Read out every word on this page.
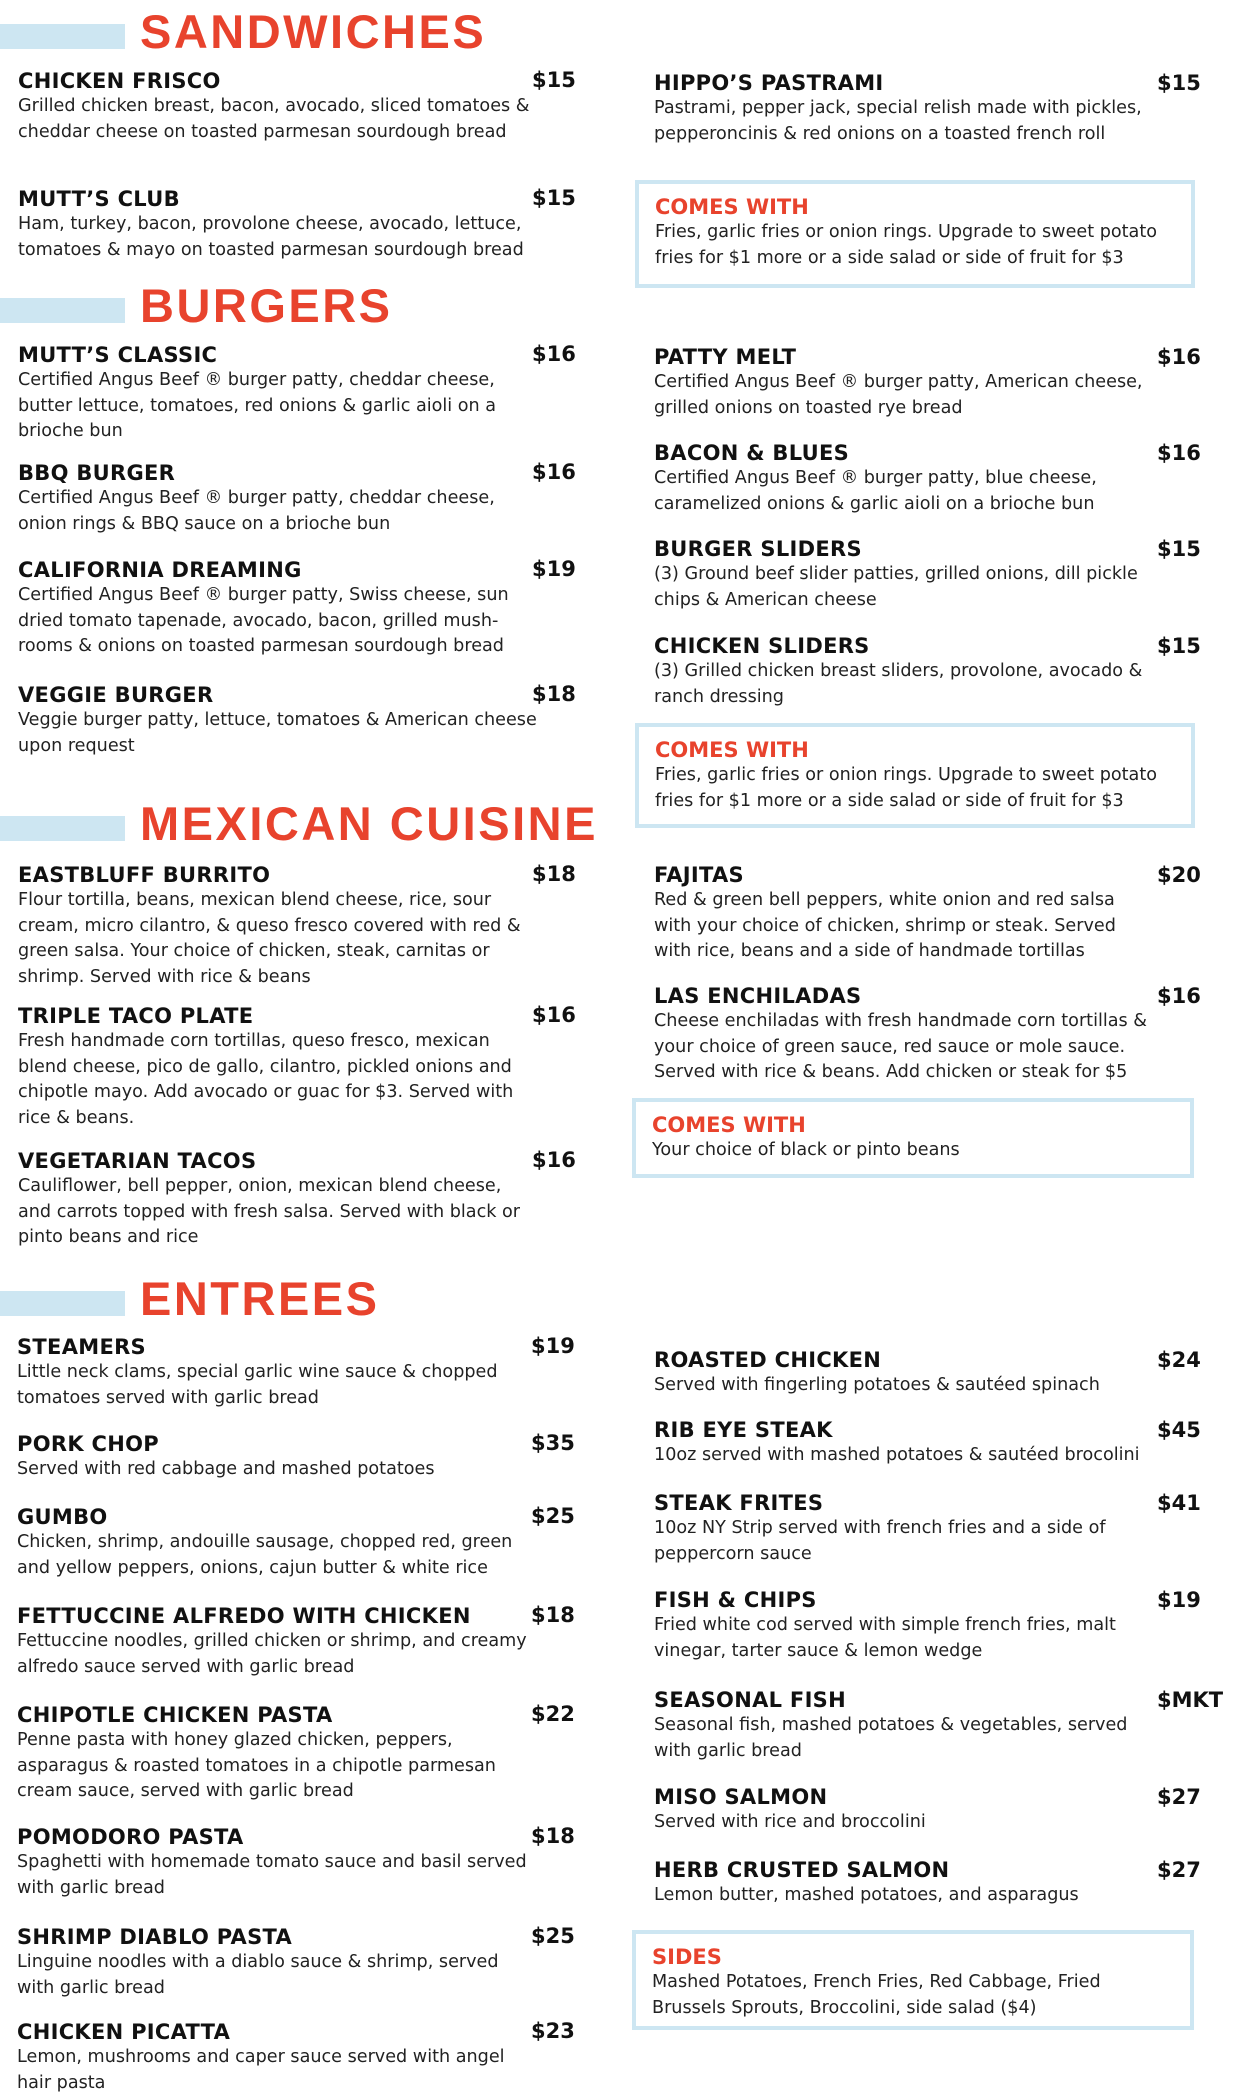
SANDWICHES
CHICKEN FRISCO
Grilled chicken breast, bacon, avocado, sliced tomatoes & cheddar cheese on toasted parmesan sourdough bread
$15
MUTT’S CLUB
Ham, turkey, bacon, provolone cheese, avocado, lettuce, tomatoes & mayo on toasted parmesan sourdough bread
$15
HIPPO’S PASTRAMI
Pastrami, pepper jack, special relish made with pickles, pepperoncinis & red onions on a toasted french roll
$15
COMES WITH
Fries, garlic fries or onion rings. Upgrade to sweet potato fries for $1 more or a side salad or side of fruit for $3
BURGERS
MUTT’S CLASSIC
Certified Angus Beef ® burger patty, cheddar cheese, butter lettuce, tomatoes, red onions & garlic aioli on a brioche bun
$16
BBQ BURGER
Certified Angus Beef ® burger patty, cheddar cheese, onion rings & BBQ sauce on a brioche bun
$16
CALIFORNIA DREAMING
Certified Angus Beef ® burger patty, Swiss cheese, sun dried tomato tapenade, avocado, bacon, grilled mush-rooms & onions on toasted parmesan sourdough bread
$19
VEGGIE BURGER
Veggie burger patty, lettuce, tomatoes & American cheese upon request
$18
PATTY MELT
Certified Angus Beef ® burger patty, American cheese, grilled onions on toasted rye bread
$16
BACON & BLUES
Certified Angus Beef ® burger patty, blue cheese, caramelized onions & garlic aioli on a brioche bun
$16
BURGER SLIDERS
(3) Ground beef slider patties, grilled onions, dill pickle chips & American cheese
$15
CHICKEN SLIDERS
(3) Grilled chicken breast sliders, provolone, avocado & ranch dressing
$15
COMES WITH
Fries, garlic fries or onion rings. Upgrade to sweet potato fries for $1 more or a side salad or side of fruit for $3
MEXICAN CUISINE
EASTBLUFF BURRITO
Flour tortilla, beans, mexican blend cheese, rice, sour cream, micro cilantro, & queso fresco covered with red & green salsa. Your choice of chicken, steak, carnitas or shrimp. Served with rice & beans
$18
TRIPLE TACO PLATE
Fresh handmade corn tortillas, queso fresco, mexican blend cheese, pico de gallo, cilantro, pickled onions and chipotle mayo. Add avocado or guac for $3. Served with rice & beans.
$16
VEGETARIAN TACOS
Cauliflower, bell pepper, onion, mexican blend cheese, and carrots topped with fresh salsa. Served with black or pinto beans and rice
$16
FAJITAS
Red & green bell peppers, white onion and red salsa with your choice of chicken, shrimp or steak. Served with rice, beans and a side of handmade tortillas
$20
LAS ENCHILADAS
Cheese enchiladas with fresh handmade corn tortillas & your choice of green sauce, red sauce or mole sauce. Served with rice & beans. Add chicken or steak for $5
$16
COMES WITH
Your choice of black or pinto beans
ENTREES
STEAMERS
Little neck clams, special garlic wine sauce & chopped tomatoes served with garlic bread
$19
PORK CHOP
Served with red cabbage and mashed potatoes
$35
GUMBO
Chicken, shrimp, andouille sausage, chopped red, green and yellow peppers, onions, cajun butter & white rice
$25
FETTUCCINE ALFREDO WITH CHICKEN
Fettuccine noodles, grilled chicken or shrimp, and creamy alfredo sauce served with garlic bread
$18
CHIPOTLE CHICKEN PASTA
Penne pasta with honey glazed chicken, peppers, asparagus & roasted tomatoes in a chipotle parmesan cream sauce, served with garlic bread
$22
POMODORO PASTA
Spaghetti with homemade tomato sauce and basil served with garlic bread
$18
SHRIMP DIABLO PASTA
Linguine noodles with a diablo sauce & shrimp, served with garlic bread
$25
CHICKEN PICATTA
Lemon, mushrooms and caper sauce served with angel hair pasta
$23
ROASTED CHICKEN
Served with fingerling potatoes & sautéed spinach
$24
RIB EYE STEAK
10oz served with mashed potatoes & sautéed brocolini
$45
STEAK FRITES
10oz NY Strip served with french fries and a side of peppercorn sauce
$41
FISH & CHIPS
Fried white cod served with simple french fries, malt vinegar, tarter sauce & lemon wedge
$19
SEASONAL FISH
Seasonal fish, mashed potatoes & vegetables, served with garlic bread
$MKT
MISO SALMON
Served with rice and broccolini
$27
HERB CRUSTED SALMON
Lemon butter, mashed potatoes, and asparagus
$27
SIDES
Mashed Potatoes, French Fries, Red Cabbage, Fried Brussels Sprouts, Broccolini, side salad ($4)
